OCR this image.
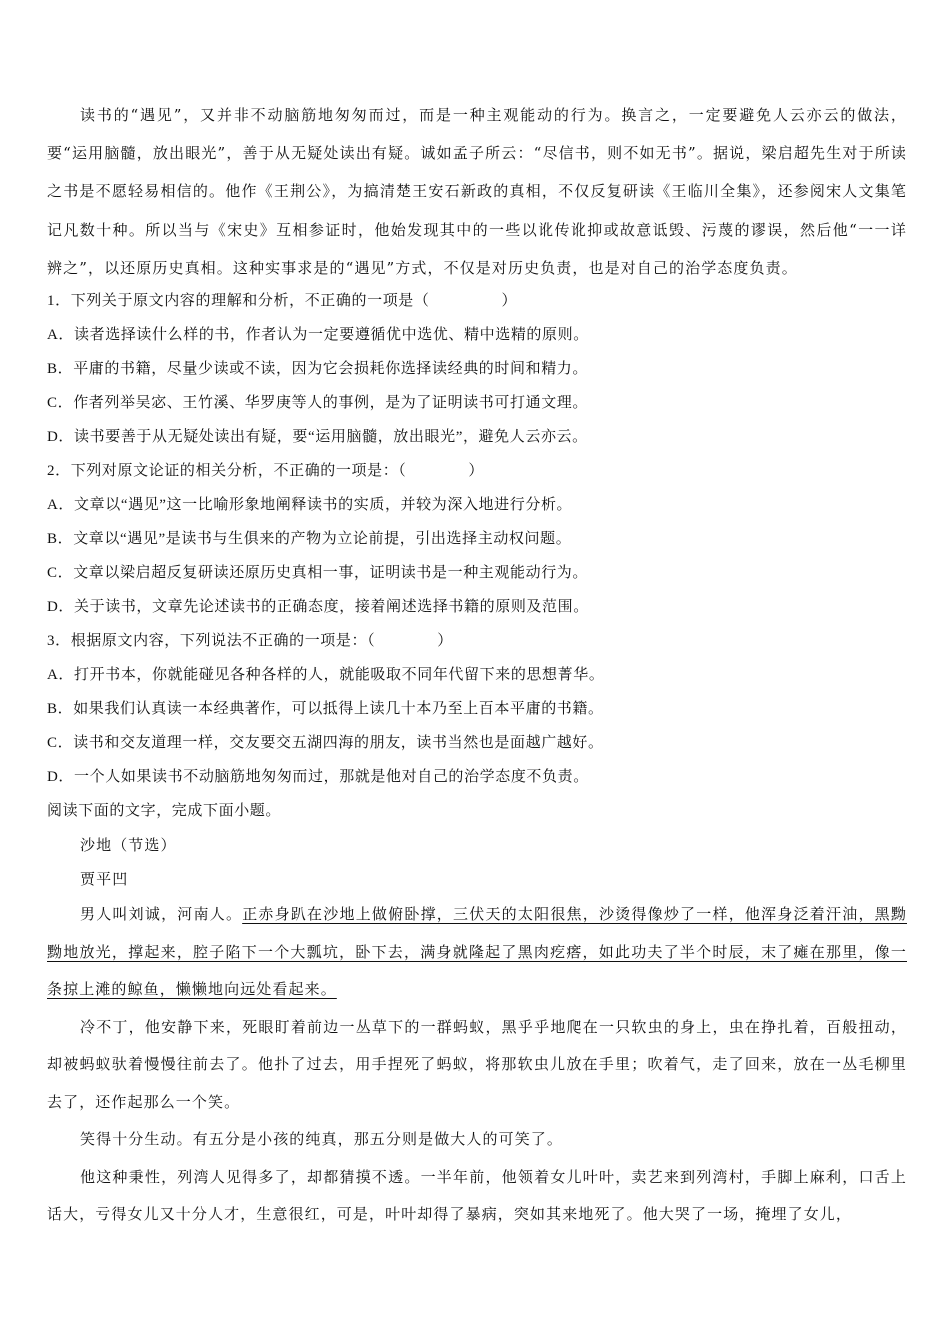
读书的“遇见”，又并非不动脑筋地匆匆而过，而是一种主观能动的行为。换言之，一定要避免人云亦云的做法，要“运用脑髓，放出眼光”，善于从无疑处读出有疑。诚如孟子所云：“尽信书，则不如无书”。据说，梁启超先生对于所读之书是不愿轻易相信的。他作《王荆公》，为搞清楚王安石新政的真相，不仅反复研读《王临川全集》，还参阅宋人文集笔记凡数十种。所以当与《宋史》互相参证时，他始发现其中的一些以讹传讹抑或故意诋毁、污蔑的谬误，然后他“一一详辨之”，以还原历史真相。这种实事求是的“遇见”方式，不仅是对历史负责，也是对自己的治学态度负责。

1．下列关于原文内容的理解和分析，不正确的一项是（	）

A．读者选择读什么样的书，作者认为一定要遵循优中选优、精中选精的原则。

B．平庸的书籍，尽量少读或不读，因为它会损耗你选择读经典的时间和精力。

C．作者列举吴宓、王竹溪、华罗庚等人的事例，是为了证明读书可打通文理。

D．读书要善于从无疑处读出有疑，要“运用脑髓，放出眼光”，避免人云亦云。

2．下列对原文论证的相关分析，不正确的一项是：（	）

A．文章以“遇见”这一比喻形象地阐释读书的实质，并较为深入地进行分析。

B．文章以“遇见”是读书与生俱来的产物为立论前提，引出选择主动权问题。

C．文章以梁启超反复研读还原历史真相一事，证明读书是一种主观能动行为。

D．关于读书，文章先论述读书的正确态度，接着阐述选择书籍的原则及范围。

3．根据原文内容，下列说法不正确的一项是：（	）

A．打开书本，你就能碰见各种各样的人，就能吸取不同年代留下来的思想菁华。

B．如果我们认真读一本经典著作，可以抵得上读几十本乃至上百本平庸的书籍。

C．读书和交友道理一样，交友要交五湖四海的朋友，读书当然也是面越广越好。

D．一个人如果读书不动脑筋地匆匆而过，那就是他对自己的治学态度不负责。

阅读下面的文字，完成下面小题。

沙地（节选）

贾平凹

男人叫刘诚，河南人。正赤身趴在沙地上做俯卧撑，三伏天的太阳很焦，沙烫得像炒了一样，他浑身泛着汗油，黑黝黝地放光，撑起来，腔子陷下一个大瓢坑，卧下去，满身就隆起了黑肉疙瘩，如此功夫了半个时辰，末了瘫在那里，像一条掠上滩的鲸鱼，懒懒地向远处看起来。

冷不丁，他安静下来，死眼盯着前边一丛草下的一群蚂蚁，黑乎乎地爬在一只软虫的身上，虫在挣扎着，百般扭动，却被蚂蚁驮着慢慢往前去了。他扑了过去，用手捏死了蚂蚁，将那软虫儿放在手里；吹着气，走了回来，放在一丛毛柳里去了，还作起那么一个笑。

笑得十分生动。有五分是小孩的纯真，那五分则是做大人的可笑了。

他这种秉性，列湾人见得多了，却都猜摸不透。一半年前，他领着女儿叶叶，卖艺来到列湾村，手脚上麻利，口舌上话大，亏得女儿又十分人才，生意很红，可是，叶叶却得了暴病，突如其来地死了。他大哭了一场，掩埋了女儿，
